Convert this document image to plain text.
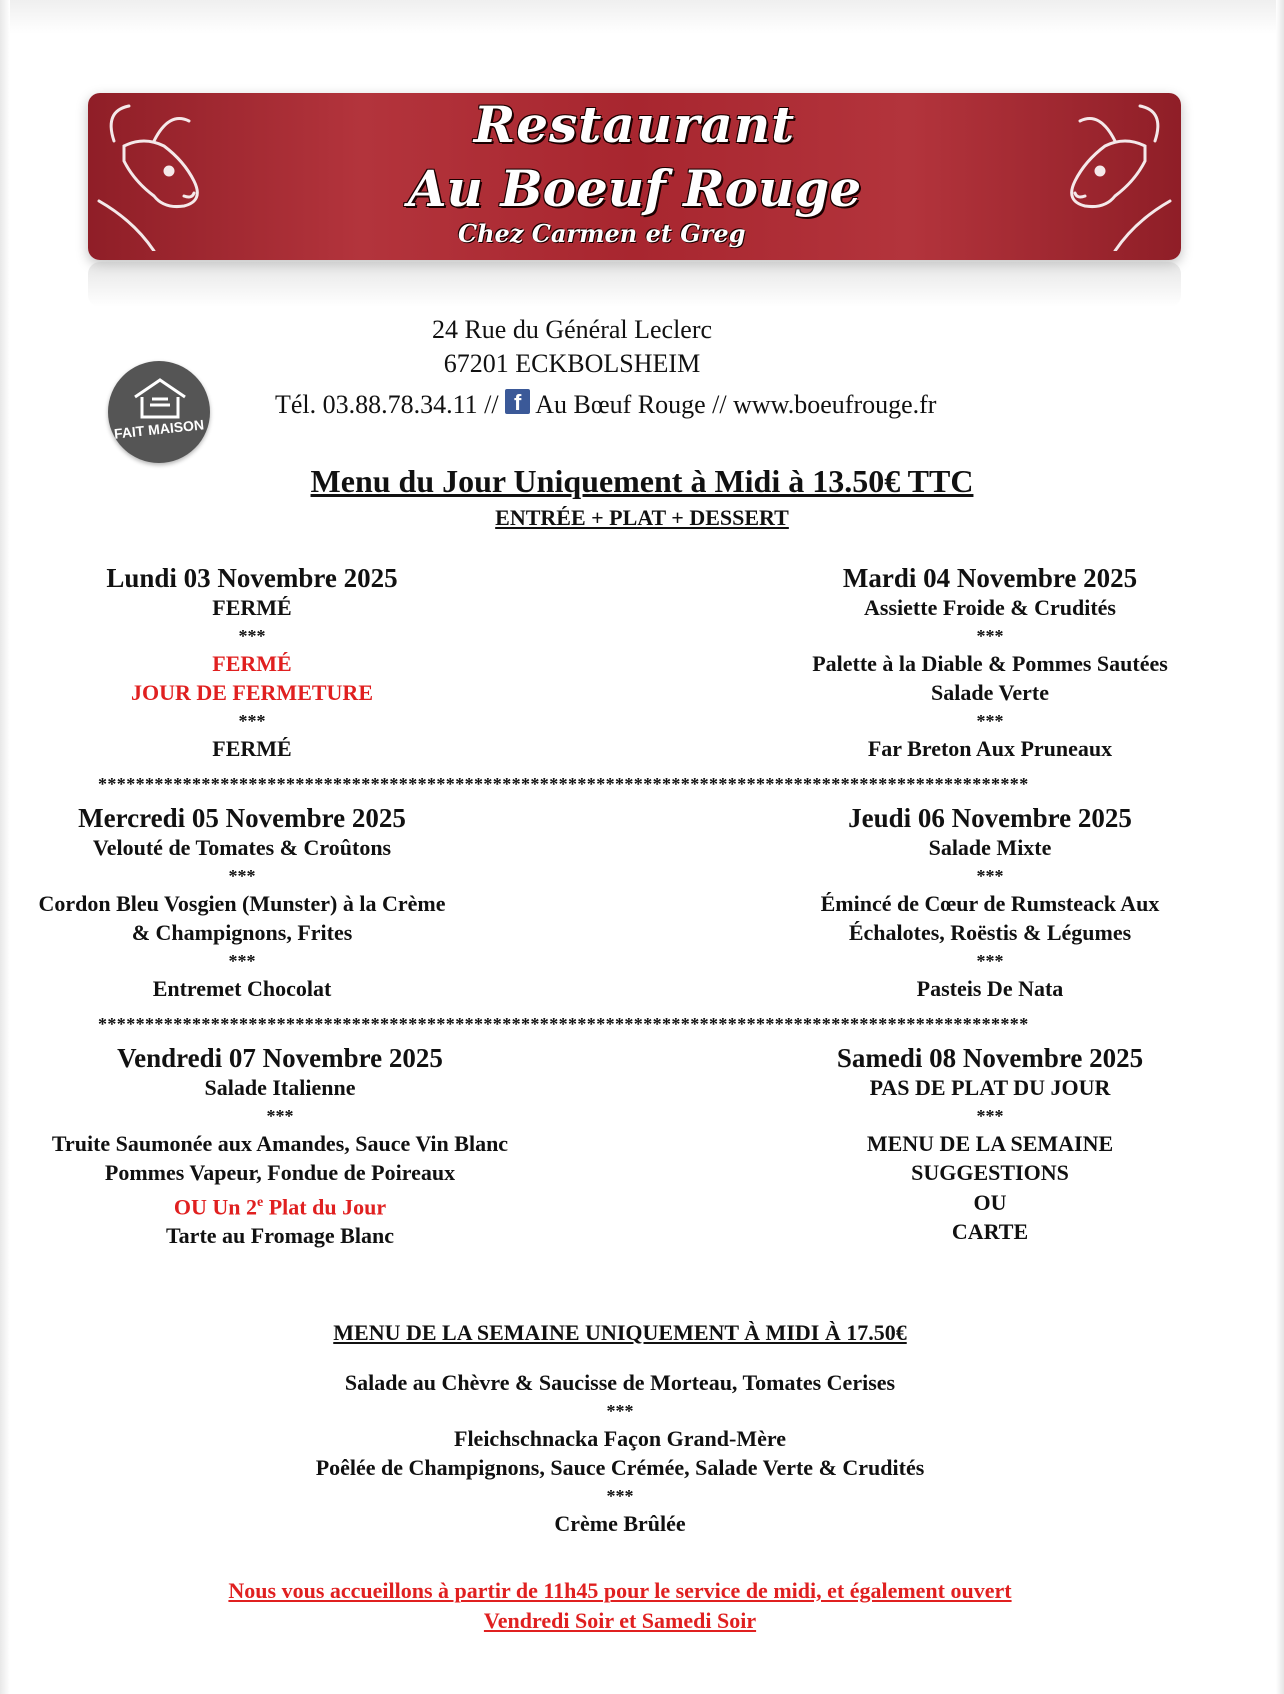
Restaurant
Au Boeuf Rouge
Chez Carmen et Greg
24 Rue du Général Leclerc
67201 ECKBOLSHEIM
Tél. 03.88.78.34.11 // f Au Bœuf Rouge // www.boeufrouge.fr
FAIT MAISON
Menu du Jour Uniquement à Midi à 13.50€ TTC
ENTRÉE + PLAT + DESSERT
Lundi 03 Novembre 2025
FERMÉ
***
FERMÉ
JOUR DE FERMETURE
***
FERMÉ
Mardi 04 Novembre 2025
Assiette Froide & Crudités
***
Palette à la Diable & Pommes Sautées
Salade Verte
***
Far Breton Aux Pruneaux
***************************************************************************************************
Mercredi 05 Novembre 2025
Velouté de Tomates & Croûtons
***
Cordon Bleu Vosgien (Munster) à la Crème
& Champignons, Frites
***
Entremet Chocolat
Jeudi 06 Novembre 2025
Salade Mixte
***
Émincé de Cœur de Rumsteack Aux
Échalotes, Roëstis & Légumes
***
Pasteis De Nata
***************************************************************************************************
Vendredi 07 Novembre 2025
Salade Italienne
***
Truite Saumonée aux Amandes, Sauce Vin Blanc
Pommes Vapeur, Fondue de Poireaux
OU Un 2e Plat du Jour
Tarte au Fromage Blanc
Samedi 08 Novembre 2025
PAS DE PLAT DU JOUR
***
MENU DE LA SEMAINE
SUGGESTIONS
OU
CARTE
MENU DE LA SEMAINE UNIQUEMENT À MIDI À 17.50€
Salade au Chèvre & Saucisse de Morteau, Tomates Cerises
***
Fleichschnacka Façon Grand-Mère
Poêlée de Champignons, Sauce Crémée, Salade Verte & Crudités
***
Crème Brûlée
Nous vous accueillons à partir de 11h45 pour le service de midi, et également ouvert
Vendredi Soir et Samedi Soir
